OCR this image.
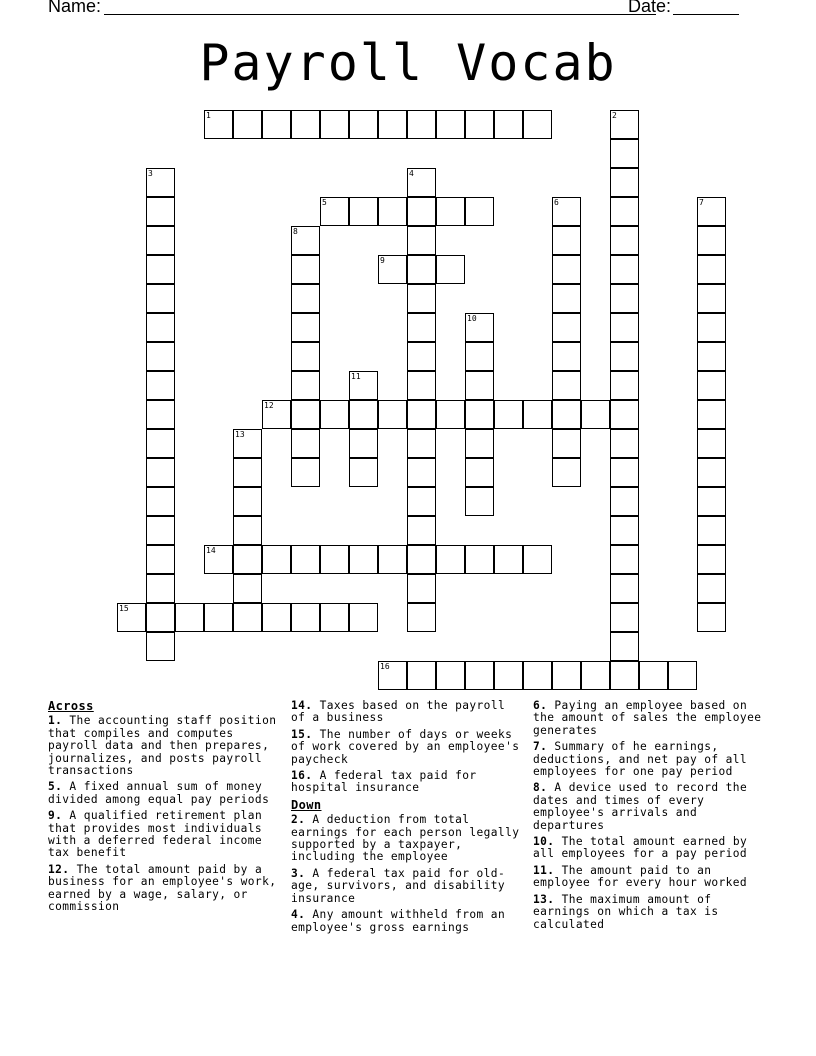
Name:	Date:
Payroll Vocab
1	2
3	4
5	6	7
8
9
10
11
12
13
14
15
16
Across
1. The accounting staff position that compiles and computes payroll data and then prepares, journalizes, and posts payroll transactions
5. A fixed annual sum of money divided among equal pay periods
9. A qualified retirement plan that provides most individuals with a deferred federal income tax benefit
12. The total amount paid by a business for an employee's work, earned by a wage, salary, or commission
14. Taxes based on the payroll of a business
15. The number of days or weeks of work covered by an employee's paycheck
16. A federal tax paid for hospital insurance
Down
2. A deduction from total earnings for each person legally supported by a taxpayer, including the employee
3. A federal tax paid for old-age, survivors, and disability insurance
4. Any amount withheld from an employee's gross earnings
6. Paying an employee based on the amount of sales the employee generates
7. Summary of he earnings, deductions, and net pay of all employees for one pay period
8. A device used to record the dates and times of every employee's arrivals and departures
10. The total amount earned by all employees for a pay period
11. The amount paid to an employee for every hour worked
13. The maximum amount of earnings on which a tax is calculated
